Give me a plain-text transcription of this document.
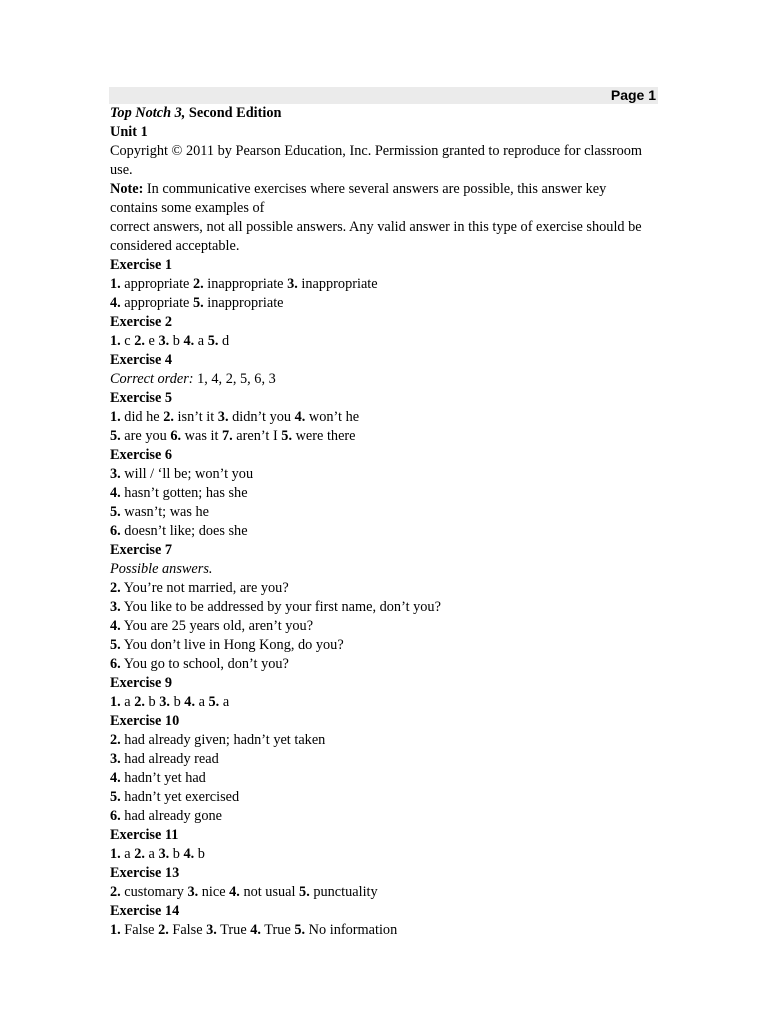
Page 1
Top Notch 3, Second Edition
Unit 1
Copyright © 2011 by Pearson Education, Inc. Permission granted to reproduce for classroom use.
Note: In communicative exercises where several answers are possible, this answer key contains some examples of
correct answers, not all possible answers. Any valid answer in this type of exercise should be considered acceptable.
Exercise 1
1. appropriate 2. inappropriate 3. inappropriate
4. appropriate 5. inappropriate
Exercise 2
1. c 2. e 3. b 4. a 5. d
Exercise 4
Correct order: 1, 4, 2, 5, 6, 3
Exercise 5
1. did he 2. isn’t it 3. didn’t you 4. won’t he
5. are you 6. was it 7. aren’t I 5. were there
Exercise 6
3. will / ‘ll be; won’t you
4. hasn’t gotten; has she
5. wasn’t; was he
6. doesn’t like; does she
Exercise 7
Possible answers.
2. You’re not married, are you?
3. You like to be addressed by your first name, don’t you?
4. You are 25 years old, aren’t you?
5. You don’t live in Hong Kong, do you?
6. You go to school, don’t you?
Exercise 9
1. a 2. b 3. b 4. a 5. a
Exercise 10
2. had already given; hadn’t yet taken
3. had already read
4. hadn’t yet had
5. hadn’t yet exercised
6. had already gone
Exercise 11
1. a 2. a 3. b 4. b
Exercise 13
2. customary 3. nice 4. not usual 5. punctuality
Exercise 14
1. False 2. False 3. True 4. True 5. No information
